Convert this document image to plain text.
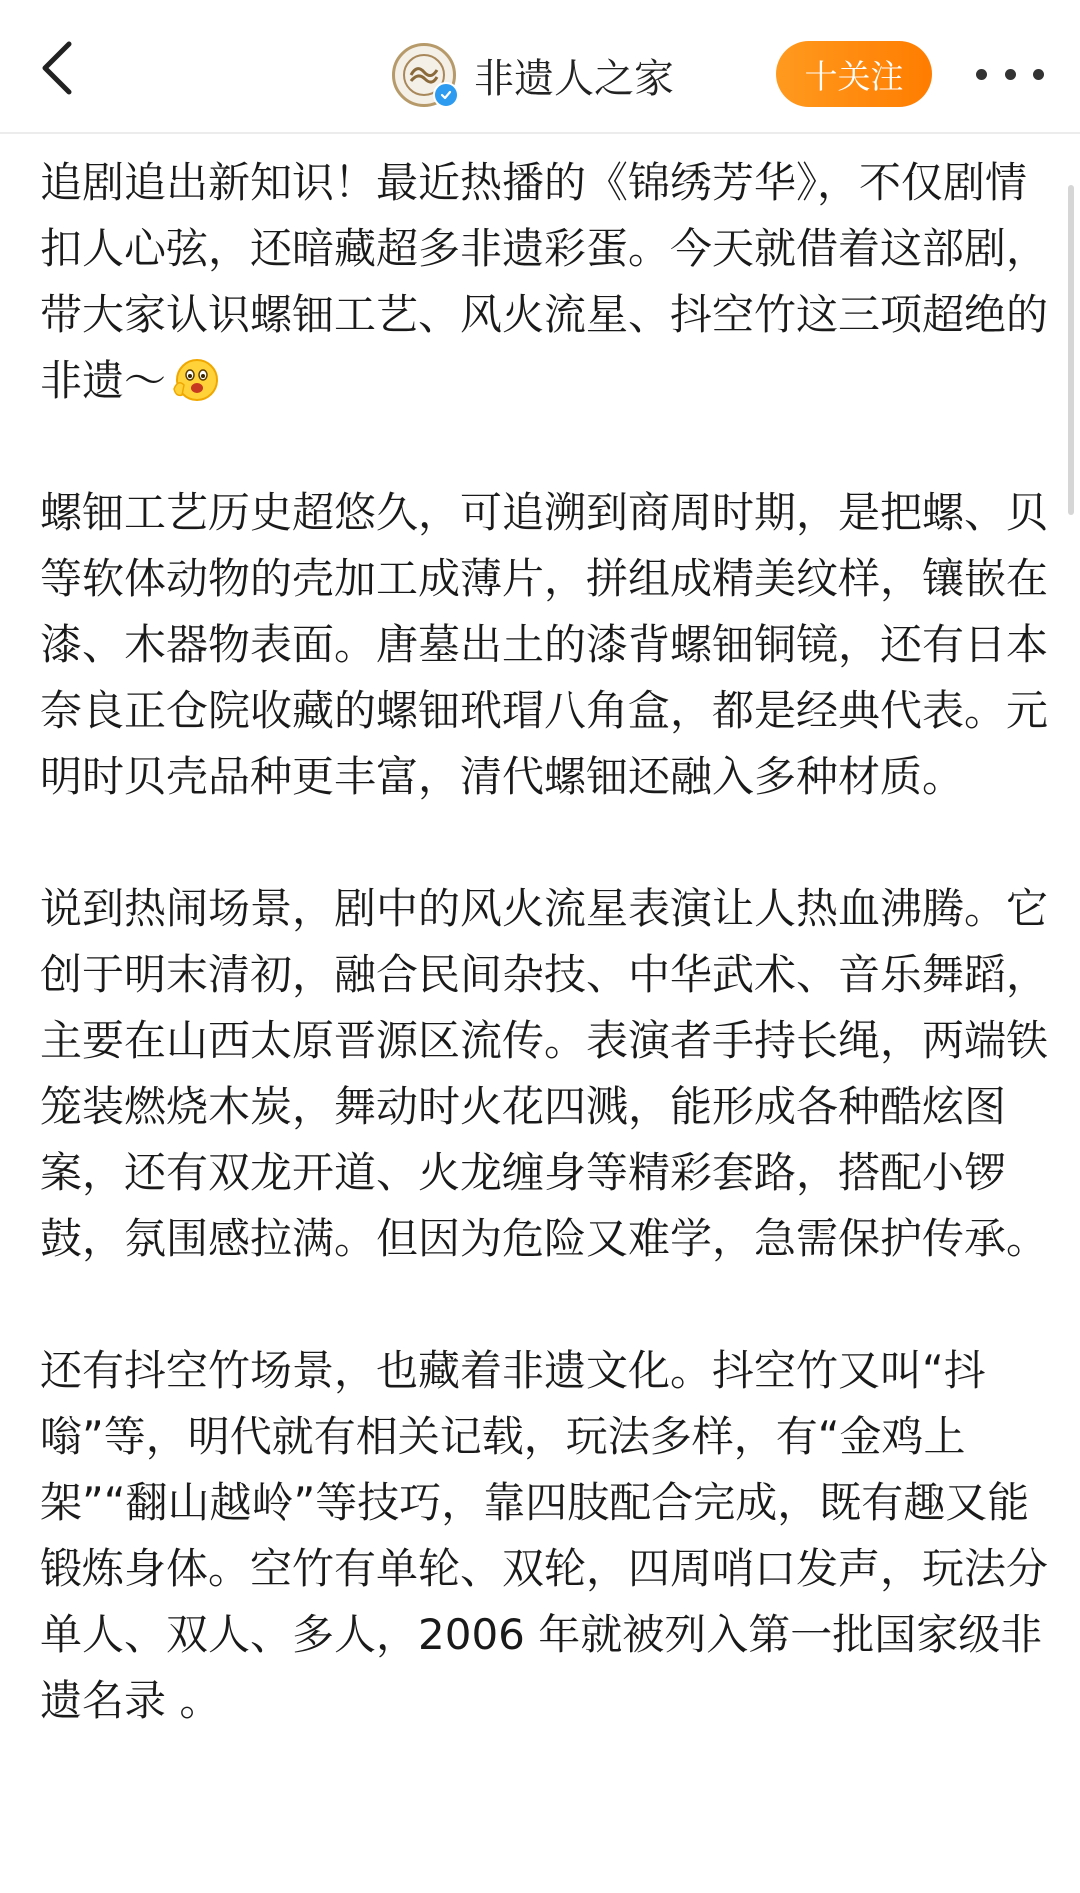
非遗人之家	十关注

追剧追出新知识！最近热播的《锦绣芳华》，不仅剧情扣人心弦，还暗藏超多非遗彩蛋。今天就借着这部剧，带大家认识螺钿工艺、风火流星、抖空竹这三项超绝的非遗～

螺钿工艺历史超悠久，可追溯到商周时期，是把螺、贝等软体动物的壳加工成薄片，拼组成精美纹样，镶嵌在漆、木器物表面。唐墓出土的漆背螺钿铜镜，还有日本奈良正仓院收藏的螺钿玳瑁八角盒，都是经典代表。元明时贝壳品种更丰富，清代螺钿还融入多种材质。

说到热闹场景，剧中的风火流星表演让人热血沸腾。它创于明末清初，融合民间杂技、中华武术、音乐舞蹈，主要在山西太原晋源区流传。表演者手持长绳，两端铁笼装燃烧木炭，舞动时火花四溅，能形成各种酷炫图案，还有双龙开道、火龙缠身等精彩套路，搭配小锣鼓，氛围感拉满。但因为危险又难学，急需保护传承。

还有抖空竹场景，也藏着非遗文化。抖空竹又叫“抖嗡”等，明代就有相关记载，玩法多样，有“金鸡上架”“翻山越岭”等技巧，靠四肢配合完成，既有趣又能锻炼身体。空竹有单轮、双轮，四周哨口发声，玩法分单人、双人、多人，2006 年就被列入第一批国家级非遗名录 。
